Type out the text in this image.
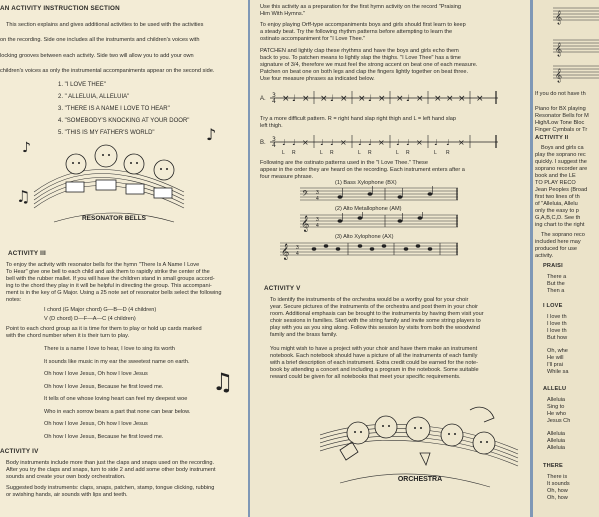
AN ACTIVITY INSTRUCTION SECTION

This section explains and gives additional activities to be used with the activities

on the recording. Side one includes all the instruments and children's voices with

locking grooves between each activity. Side two will allow you to add your own

children's voices as only the instrumental accompaniments appear on the second side.

1. "I LOVE THEE"
2. " ALLELUIA, ALLELUIA"
3. "THERE IS A NAME I LOVE TO HEAR"
4. "SOMEBODY'S KNOCKING AT YOUR DOOR"
5. "THIS IS MY FATHER'S WORLD"
♪
♪
♫
RESONATOR BELLS

ACTIVITY III

To enjoy the activity with resonator bells for the hymn "There Is A Name I Love

To Hear" give one bell to each child and ask them to rapidly strike the center of the

bell with the rubber mallet. If you will have the children stand in small groups accord-

ing to the chord they play in it will be helpful in directing the group. This accompani-

ment is in the key of G Major. Using a 25 note set of resonator bells select the following

notes:

I chord (G Major chord) G—B—D (4 children)

V (D chord) D—F—A—C (4 children)

Point to each chord group as it is time for them to play or hold up cards marked

with the chord number when it is their turn to play.

There is a name I love to hear, I love to sing its worth
It sounds like music in my ear the sweetest name on earth.
Oh how I love Jesus, Oh how I love Jesus
Oh how I love Jesus, Because he first loved me.
It tells of one whose loving heart can feel my deepest woe
Who in each sorrow bears a part that none can bear below.
Oh how I love Jesus, Oh how I love Jesus
Oh how I love Jesus, Because he first loved me.
♫

ACTIVITY IV

Body instruments include more than just the claps and snaps used on the recording.

After you try the claps and snaps, turn to side 2 and add some other body instrument

sounds and create your own body orchestration.

Suggested body instruments: claps, snaps, patchen, stamp, tongue clicking, rubbing

or swishing hands, air sounds with lips and teeth.

Use this activity as a preparation for the first hymn activity on the record "Praising

Him With Hymns."

To enjoy playing Orff-type accompaniments boys and girls should first learn to keep

a steady beat. Try the following rhythm patterns before attempting to learn the

ostinato accompaniment for "I Love Thee."

PATCHEN and lightly clap these rhythms and have the boys and girls echo them

back to you. To patchen means to lightly slap the thighs. "I Love Thee" has a time

signature of 3/4, therefore we must feel the strong accent on beat one of each measure.

Patchen on beat one on both legs and clap the fingers lightly together on beat three.

Use four measure phrases as indicated below.

A. 3
4 × ♩ × × ♩ × × ♩ × × ♩ × × × × ×

Try a more difficult pattern. R = right hand slap right thigh and L = left hand slap

left thigh.

B. 3
4 ♩ ♩ × ♩ ♩ × ♩ ♩ × ♩ ♩ × ♩ ♩ ×
L R	L R	L R	L R	L R

Following are the ostinato patterns used in the "I Love Thee." These

appear in the order they are heard on the recording. Each instrument enters after a

four measure phrase.

(1) Bass Xylophone (BX)

𝄢 3
4

(2) Alto Metallophone (AM)

𝄞 3
4

(3) Alto Xylophone (AX)

𝄞 3
4

ACTIVITY V

To identify the instruments of the orchestra would be a worthy goal for your choir

year. Secure pictures of the instruments of the orchestra and post them in your choir

room. Additional emphasis can be brought to the instruments by having them visit your

choir sessions in families. Start with the string family and invite some string players to

play with you as you sing along. Follow this session by visits from both the woodwind

family and the brass family.

You might wish to have a project with your choir and have them make an instrument

notebook. Each notebook should have a picture of all the instruments of each family

with a brief description of each instrument. Extra credit could be earned for the note-

book by attending a concert and including a program in the notebook. Some suitable

reward could be given for all notebooks that meet your specific requirements.

ORCHESTRA
𝄞
𝄞
𝄞

If you do not have th

Piano for BX playing

Resonator Bells for M

High/Low Tone Bloc

Finger Cymbals or Tr

ACTIVITY II

Boys and girls ca

play the soprano rec

quickly. I suggest the

soprano recorder are

book and the LE

TO PLAY RECO

Jean Peoples (Broad

first two lines of th

of "Alleluia, Allelu

only the easy to p

G,A,B,C,D. See th

ing chart to the right

The soprano reco

included here may

produced for use

activity.

PRAISI

There a

But the

Then a

I LOVE

I love th

I love th

I love th

But how

Oh, whe

He will

I'll prai

While sa

ALLELU

Alleluia

Sing to

He who

Jesus Ch

Alleluia

Alleluia

Alleluia

THERE

There is

It sounds

Oh, how

Oh, how
